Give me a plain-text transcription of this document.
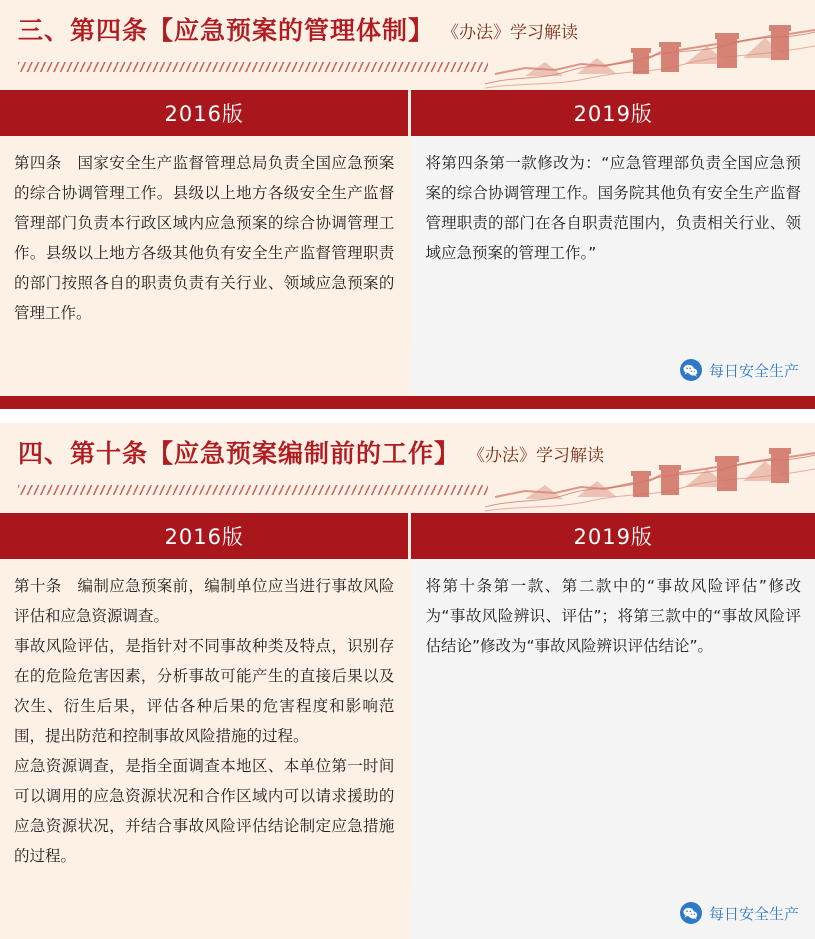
三、第四条【应急预案的管理体制】 《办法》学习解读
2016版	2019版

第四条　国家安全生产监督管理总局负责全国应急预案的综合协调管理工作。县级以上地方各级安全生产监督管理部门负责本行政区域内应急预案的综合协调管理工作。县级以上地方各级其他负有安全生产监督管理职责的部门按照各自的职责负责有关行业、领域应急预案的管理工作。	将第四条第一款修改为：“应急管理部负责全国应急预案的综合协调管理工作。国务院其他负有安全生产监督管理职责的部门在各自职责范围内，负责相关行业、领域应急预案的管理工作。”

每日安全生产
四、第十条【应急预案编制前的工作】 《办法》学习解读
2016版	2019版

第十条　编制应急预案前，编制单位应当进行事故风险评估和应急资源调查。

事故风险评估，是指针对不同事故种类及特点，识别存在的危险危害因素，分析事故可能产生的直接后果以及次生、衍生后果，评估各种后果的危害程度和影响范围，提出防范和控制事故风险措施的过程。

应急资源调查，是指全面调查本地区、本单位第一时间可以调用的应急资源状况和合作区域内可以请求援助的应急资源状况，并结合事故风险评估结论制定应急措施的过程。	将第十条第一款、第二款中的“事故风险评估”修改为“事故风险辨识、评估”；将第三款中的“事故风险评估结论”修改为“事故风险辨识评估结论”。

每日安全生产
